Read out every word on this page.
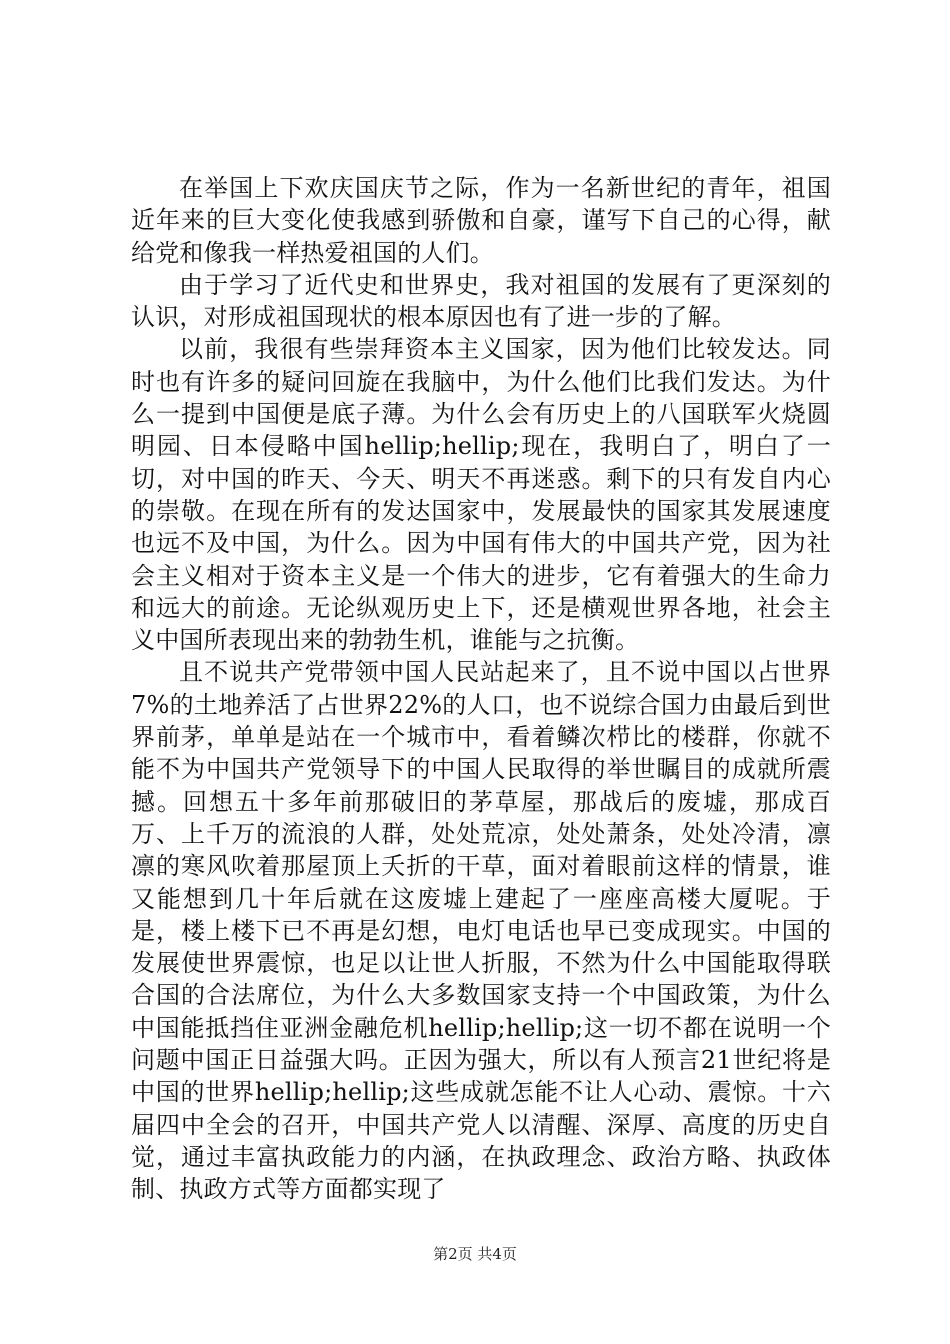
在举国上下欢庆国庆节之际，作为一名新世纪的青年，祖国近年来的巨大变化使我感到骄傲和自豪，谨写下自己的心得，献给党和像我一样热爱祖国的人们。

由于学习了近代史和世界史，我对祖国的发展有了更深刻的认识，对形成祖国现状的根本原因也有了进一步的了解。

以前，我很有些崇拜资本主义国家，因为他们比较发达。同时也有许多的疑问回旋在我脑中，为什么他们比我们发达。为什么一提到中国便是底子薄。为什么会有历史上的八国联军火烧圆明园、日本侵略中国hellip;hellip;现在，我明白了，明白了一切，对中国的昨天、今天、明天不再迷惑。剩下的只有发自内心的崇敬。在现在所有的发达国家中，发展最快的国家其发展速度也远不及中国，为什么。因为中国有伟大的中国共产党，因为社会主义相对于资本主义是一个伟大的进步，它有着强大的生命力和远大的前途。无论纵观历史上下，还是横观世界各地，社会主义中国所表现出来的勃勃生机，谁能与之抗衡。

且不说共产党带领中国人民站起来了，且不说中国以占世界7%的土地养活了占世界22%的人口，也不说综合国力由最后到世界前茅，单单是站在一个城市中，看着鳞次栉比的楼群，你就不能不为中国共产党领导下的中国人民取得的举世瞩目的成就所震撼。回想五十多年前那破旧的茅草屋，那战后的废墟，那成百万、上千万的流浪的人群，处处荒凉，处处萧条，处处冷清，凛凛的寒风吹着那屋顶上夭折的干草，面对着眼前这样的情景，谁又能想到几十年后就在这废墟上建起了一座座高楼大厦呢。于是，楼上楼下已不再是幻想，电灯电话也早已变成现实。中国的发展使世界震惊，也足以让世人折服，不然为什么中国能取得联合国的合法席位，为什么大多数国家支持一个中国政策，为什么中国能抵挡住亚洲金融危机hellip;hellip;这一切不都在说明一个问题中国正日益强大吗。正因为强大，所以有人预言21世纪将是中国的世界hellip;hellip;这些成就怎能不让人心动、震惊。十六届四中全会的召开，中国共产党人以清醒、深厚、高度的历史自觉，通过丰富执政能力的内涵，在执政理念、政治方略、执政体制、执政方式等方面都实现了

第2页 共4页
